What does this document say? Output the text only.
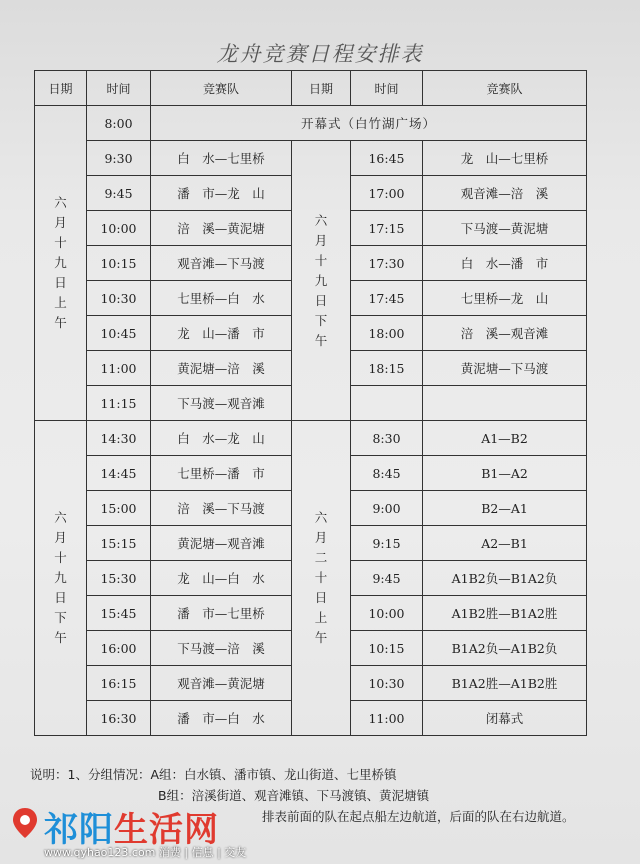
龙舟竞赛日程安排表
日期	时间	竞赛队	日期	时间	竞赛队

六月十九日上午	8:00	开幕式（白竹湖广场）			
	9:30	白　水—七里桥	六月十九日下午	16:45	龙　山—七里桥
	9:45	潘　市—龙　山		17:00	观音滩—涪　溪
	10:00	涪　溪—黄泥塘		17:15	下马渡—黄泥塘
	10:15	观音滩—下马渡		17:30	白　水—潘　市
	10:30	七里桥—白　水		17:45	七里桥—龙　山
	10:45	龙　山—潘　市		18:00	涪　溪—观音滩
	11:00	黄泥塘—涪　溪		18:15	黄泥塘—下马渡
	11:15	下马渡—观音滩			

六月十九日下午	14:30	白　水—龙　山	六月二十日上午	8:30	A1—B2
	14:45	七里桥—潘　市		8:45	B1—A2
	15:00	涪　溪—下马渡		9:00	B2—A1
	15:15	黄泥塘—观音滩		9:15	A2—B1
	15:30	龙　山—白　水		9:45	A1B2负—B1A2负
	15:45	潘　市—七里桥		10:00	A1B2胜—B1A2胜
	16:00	下马渡—涪　溪		10:15	B1A2负—A1B2负
	16:15	观音滩—黄泥塘		10:30	B1A2胜—A1B2胜
	16:30	潘　市—白　水		11:00	闭幕式
说明：1、分组情况：A组：白水镇、潘市镇、龙山街道、七里桥镇
B组：涪溪街道、观音滩镇、下马渡镇、黄泥塘镇
排表前面的队在起点船左边航道，后面的队在右边航道。
祁阳生活网
www.qyhao123.com 消费 | 信息 | 交友
